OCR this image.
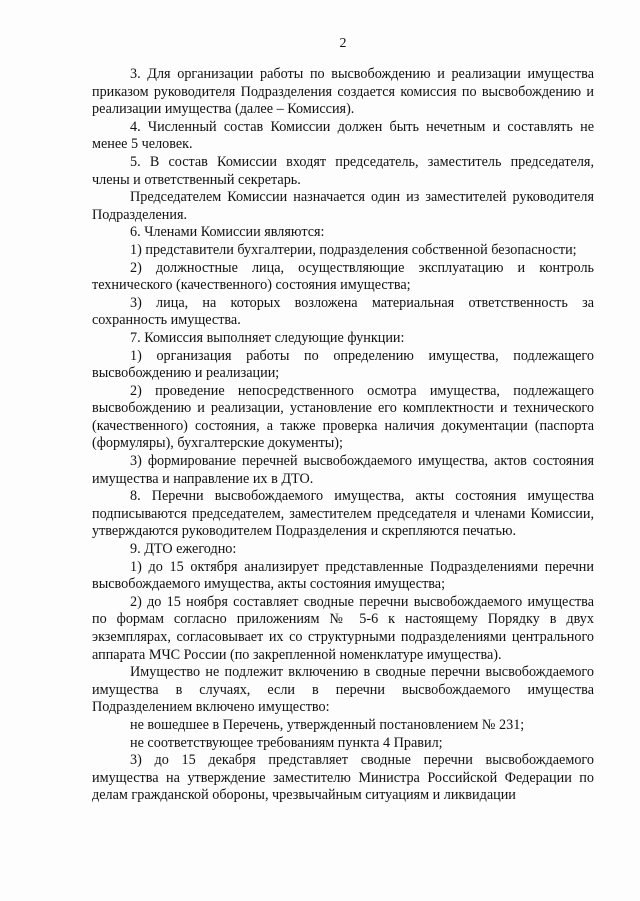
2

3. Для организации работы по высвобождению и реализации имущества приказом руководителя Подразделения создается комиссия по высвобождению и реализации имущества (далее – Комиссия).

4. Численный состав Комиссии должен быть нечетным и составлять не менее 5 человек.

5. В состав Комиссии входят председатель, заместитель председателя, члены и ответственный секретарь.

Председателем Комиссии назначается один из заместителей руководителя Подразделения.

6. Членами Комиссии являются:

1) представители бухгалтерии, подразделения собственной безопасности;

2) должностные лица, осуществляющие эксплуатацию и контроль технического (качественного) состояния имущества;

3) лица, на которых возложена материальная ответственность за сохранность имущества.

7. Комиссия выполняет следующие функции:

1) организация работы по определению имущества, подлежащего высвобождению и реализации;

2) проведение непосредственного осмотра имущества, подлежащего высвобождению и реализации, установление его комплектности и технического (качественного) состояния, а также проверка наличия документации (паспорта (формуляры), бухгалтерские документы);

3) формирование перечней высвобождаемого имущества, актов состояния имущества и направление их в ДТО.

8. Перечни высвобождаемого имущества, акты состояния имущества подписываются председателем, заместителем председателя и членами Комиссии, утверждаются руководителем Подразделения и скрепляются печатью.

9. ДТО ежегодно:

1) до 15 октября анализирует представленные Подразделениями перечни высвобождаемого имущества, акты состояния имущества;

2) до 15 ноября составляет сводные перечни высвобождаемого имущества по формам согласно приложениям № 5-6 к настоящему Порядку в двух экземплярах, согласовывает их со структурными подразделениями центрального аппарата МЧС России (по закрепленной номенклатуре имущества).

Имущество не подлежит включению в сводные перечни высвобождаемого имущества в случаях, если в перечни высвобождаемого имущества Подразделением включено имущество:

не вошедшее в Перечень, утвержденный постановлением № 231;

не соответствующее требованиям пункта 4 Правил;

3) до 15 декабря представляет сводные перечни высвобождаемого имущества на утверждение заместителю Министра Российской Федерации по делам гражданской обороны, чрезвычайным ситуациям и ликвидации
